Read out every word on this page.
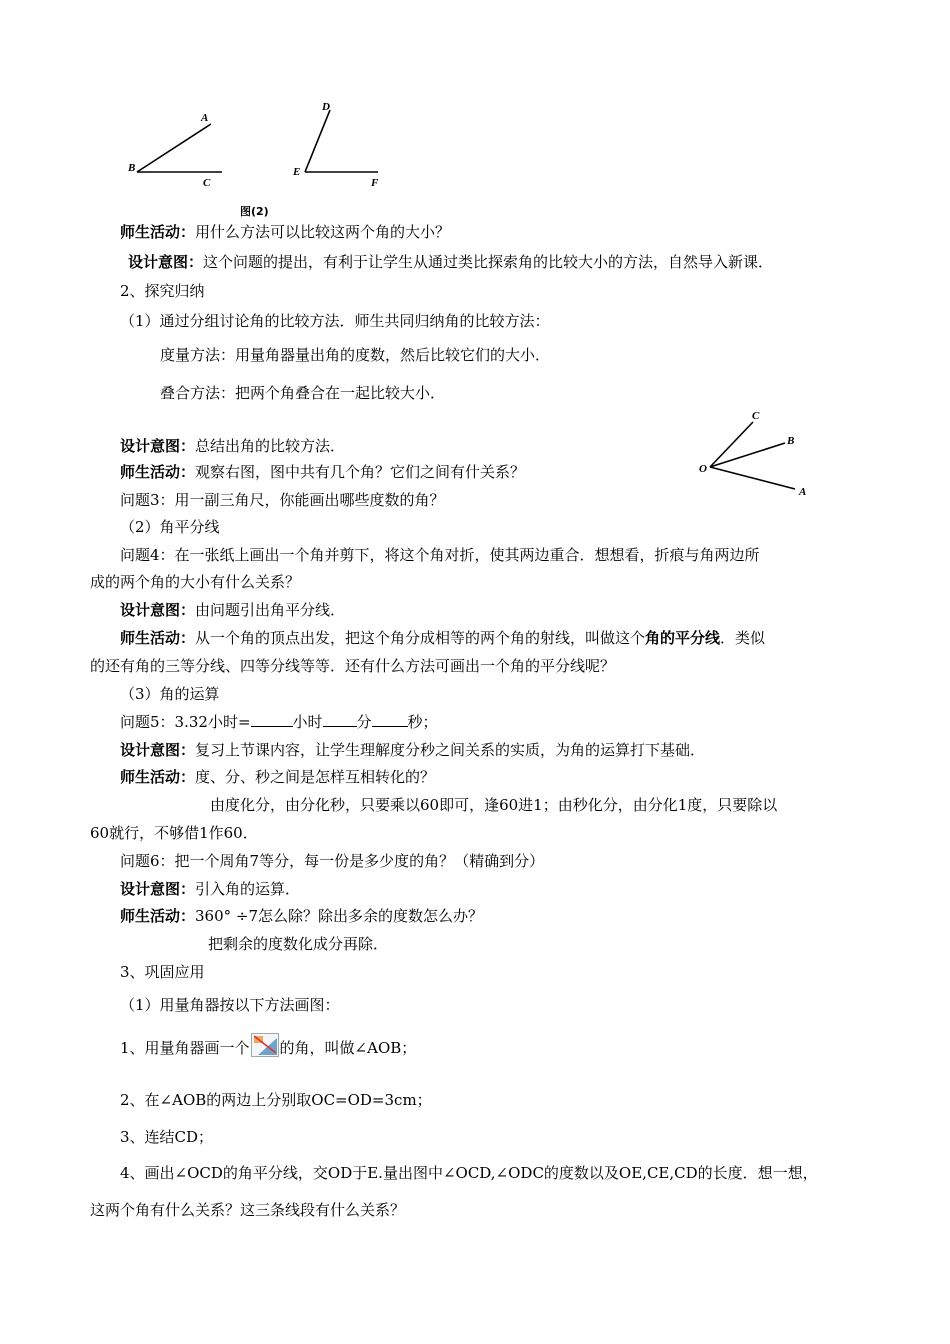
A
B
C
D
E
F
图(2)
C
B
O
A
师生活动：用什么方法可以比较这两个角的大小？
设计意图：这个问题的提出，有利于让学生从通过类比探索角的比较大小的方法，自然导入新课．
2、探究归纳
（1）通过分组讨论角的比较方法．师生共同归纳角的比较方法：
度量方法：用量角器量出角的度数，然后比较它们的大小．
叠合方法：把两个角叠合在一起比较大小．
设计意图：总结出角的比较方法．
师生活动：观察右图，图中共有几个角？它们之间有什关系？
问题3：用一副三角尺，你能画出哪些度数的角？
（2）角平分线
问题4：在一张纸上画出一个角并剪下，将这个角对折，使其两边重合．想想看，折痕与角两边所
成的两个角的大小有什么关系？
设计意图：由问题引出角平分线．
师生活动：从一个角的顶点出发，把这个角分成相等的两个角的射线，叫做这个角的平分线．类似
的还有角的三等分线、四等分线等等．还有什么方法可画出一个角的平分线呢？
（3）角的运算
问题5：3.32小时=	小时 分 秒；
设计意图：复习上节课内容，让学生理解度分秒之间关系的实质，为角的运算打下基础．
师生活动：度、分、秒之间是怎样互相转化的？
由度化分，由分化秒，只要乘以60即可，逢60进1；由秒化分，由分化1度，只要除以
60就行，不够借1作60．
问题6：把一个周角7等分，每一份是多少度的角？（精确到分）
设计意图：引入角的运算．
师生活动：360° ÷7怎么除？除出多余的度数怎么办？
把剩余的度数化成分再除．
3、巩固应用
（1）用量角器按以下方法画图：
1、用量角器画一个 的角，叫做∠AOB；
2、在∠AOB的两边上分别取OC=OD=3cm；
3、连结CD；
4、画出∠OCD的角平分线，交OD于E.量出图中∠OCD,∠ODC的度数以及OE,CE,CD的长度．想一想，
这两个角有什么关系？这三条线段有什么关系？
